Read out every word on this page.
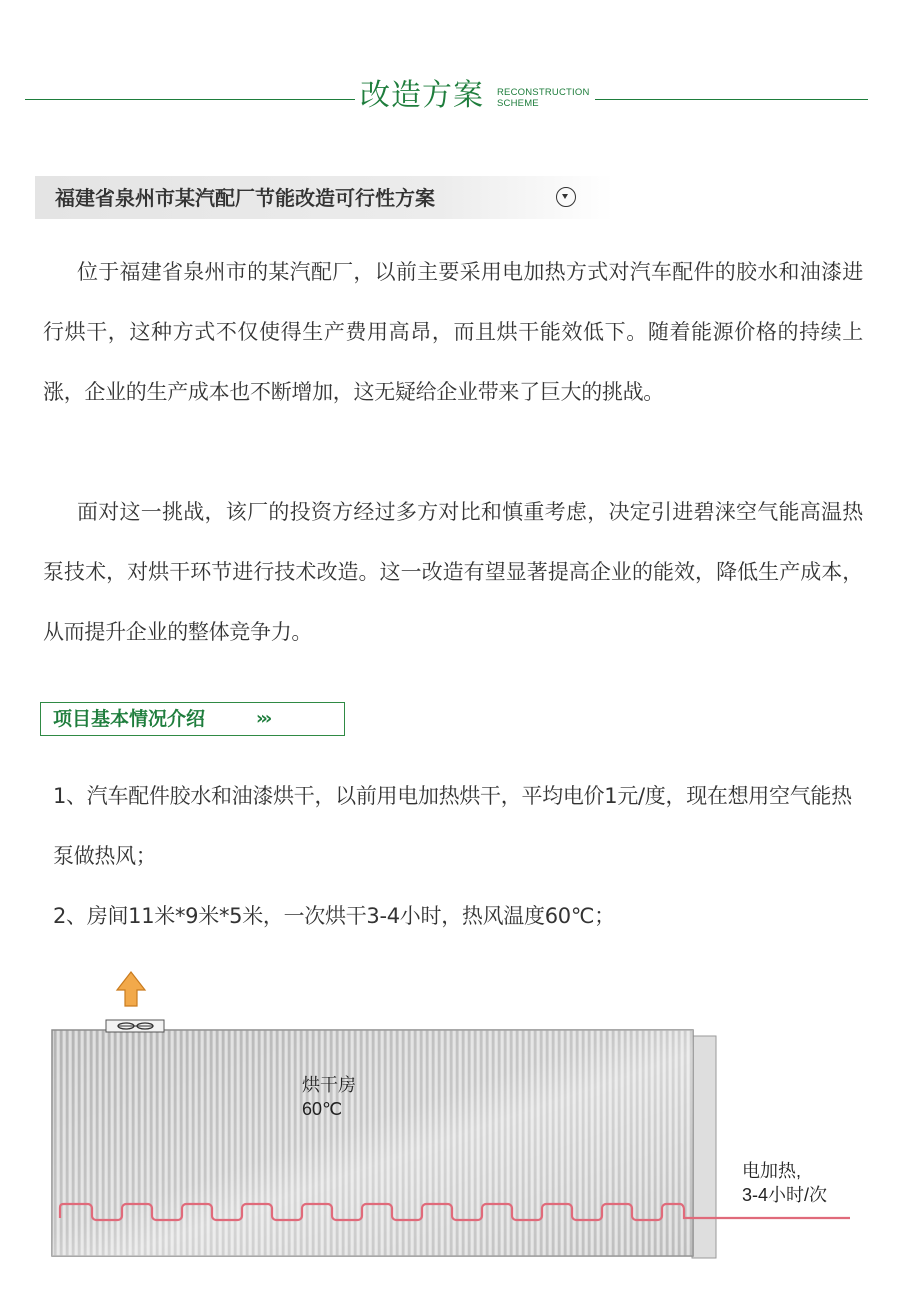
改造方案 RECONSTRUCTION
SCHEME
福建省泉州市某汽配厂节能改造可行性方案
位于福建省泉州市的某汽配厂，以前主要采用电加热方式对汽车配件的胶水和油漆进行烘干，这种方式不仅使得生产费用高昂，而且烘干能效低下。随着能源价格的持续上涨，企业的生产成本也不断增加，这无疑给企业带来了巨大的挑战。
面对这一挑战，该厂的投资方经过多方对比和慎重考虑，决定引进碧涞空气能高温热泵技术，对烘干环节进行技术改造。这一改造有望显著提高企业的能效，降低生产成本，从而提升企业的整体竞争力。
项目基本情况介绍	›››
1、汽车配件胶水和油漆烘干，以前用电加热烘干，平均电价1元/度，现在想用空气能热泵做热风；
2、房间11米*9米*5米，一次烘干3-4小时，热风温度60℃；
烘干房
60℃
电加热,
3-4小时/次
